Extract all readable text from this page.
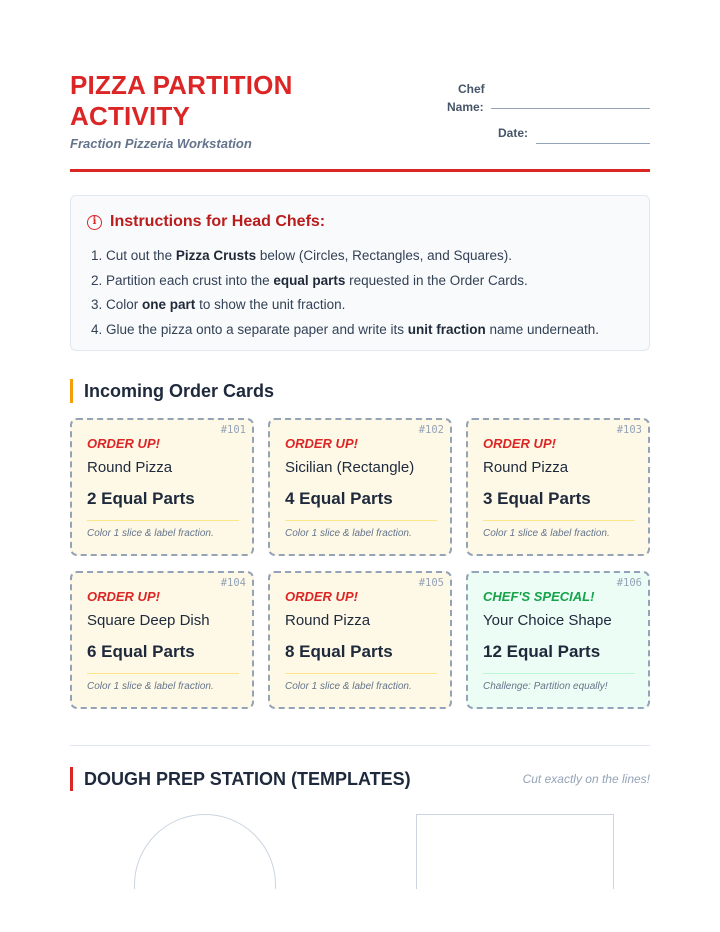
PIZZA PARTITION ACTIVITY
Fraction Pizzeria Workstation
Chef
Name:
Date:
i Instructions for Head Chefs:
1. Cut out the Pizza Crusts below (Circles, Rectangles, and Squares).
2. Partition each crust into the equal parts requested in the Order Cards.
3. Color one part to show the unit fraction.
4. Glue the pizza onto a separate paper and write its unit fraction name underneath.
Incoming Order Cards
#101
ORDER UP!
Round Pizza
2 Equal Parts
Color 1 slice & label fraction.
#102
ORDER UP!
Sicilian (Rectangle)
4 Equal Parts
Color 1 slice & label fraction.
#103
ORDER UP!
Round Pizza
3 Equal Parts
Color 1 slice & label fraction.
#104
ORDER UP!
Square Deep Dish
6 Equal Parts
Color 1 slice & label fraction.
#105
ORDER UP!
Round Pizza
8 Equal Parts
Color 1 slice & label fraction.
#106
CHEF'S SPECIAL!
Your Choice Shape
12 Equal Parts
Challenge: Partition equally!
DOUGH PREP STATION (TEMPLATES)	Cut exactly on the lines!
